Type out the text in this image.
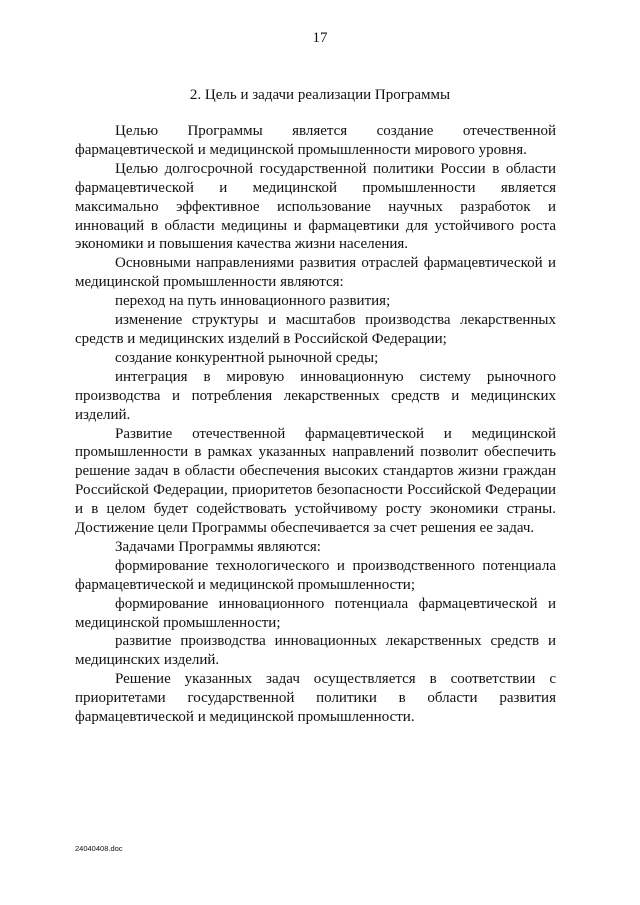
17
2. Цель и задачи реализации Программы

Целью Программы является создание отечественной фармацевтической и медицинской промышленности мирового уровня.

Целью долгосрочной государственной политики России в области фармацевтической и медицинской промышленности является максимально эффективное использование научных разработок и инноваций в области медицины и фармацевтики для устойчивого роста экономики и повышения качества жизни населения.

Основными направлениями развития отраслей фармацевтической и медицинской промышленности являются:

переход на путь инновационного развития;

изменение структуры и масштабов производства лекарственных средств и медицинских изделий в Российской Федерации;

создание конкурентной рыночной среды;

интеграция в мировую инновационную систему рыночного производства и потребления лекарственных средств и медицинских изделий.

Развитие отечественной фармацевтической и медицинской промышленности в рамках указанных направлений позволит обеспечить решение задач в области обеспечения высоких стандартов жизни граждан Российской Федерации, приоритетов безопасности Российской Федерации и в целом будет содействовать устойчивому росту экономики страны. Достижение цели Программы обеспечивается за счет решения ее задач.

Задачами Программы являются:

формирование технологического и производственного потенциала фармацевтической и медицинской промышленности;

формирование инновационного потенциала фармацевтической и медицинской промышленности;

развитие производства инновационных лекарственных средств и медицинских изделий.

Решение указанных задач осуществляется в соответствии с приоритетами государственной политики в области развития фармацевтической и медицинской промышленности.

24040408.doc
